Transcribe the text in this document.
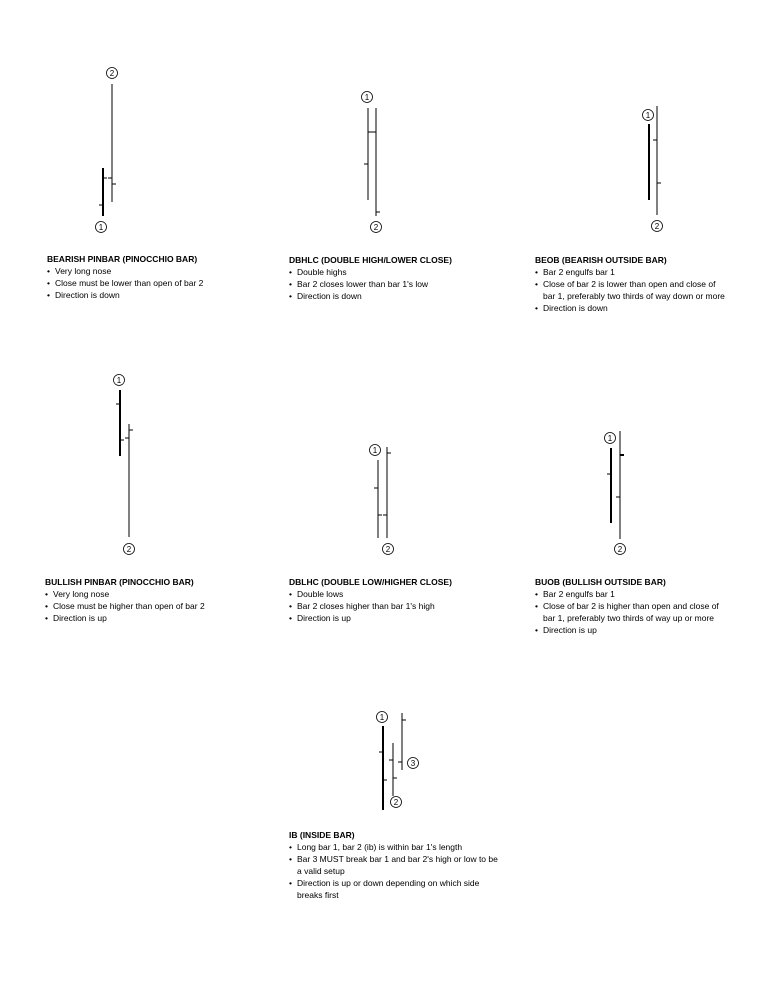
2
1
1
2
1
2
1
2
1
2
1
2
1
3
2
BEARISH PINBAR (PINOCCHIO BAR)
• Very long nose
• Close must be lower than open of bar 2
• Direction is down
DBHLC (DOUBLE HIGH/LOWER CLOSE)
• Double highs
• Bar 2 closes lower than bar 1's low
• Direction is down
BEOB (BEARISH OUTSIDE BAR)
• Bar 2 engulfs bar 1
• Close of bar 2 is lower than open and close of bar 1, preferably two thirds of way down or more
• Direction is down
BULLISH PINBAR (PINOCCHIO BAR)
• Very long nose
• Close must be higher than open of bar 2
• Direction is up
DBLHC (DOUBLE LOW/HIGHER CLOSE)
• Double lows
• Bar 2 closes higher than bar 1's high
• Direction is up
BUOB (BULLISH OUTSIDE BAR)
• Bar 2 engulfs bar 1
• Close of bar 2 is higher than open and close of bar 1, preferably two thirds of way up or more
• Direction is up
IB (INSIDE BAR)
• Long bar 1, bar 2 (ib) is within bar 1's length
• Bar 3 MUST break bar 1 and bar 2's high or low to be a valid setup
• Direction is up or down depending on which side breaks first
